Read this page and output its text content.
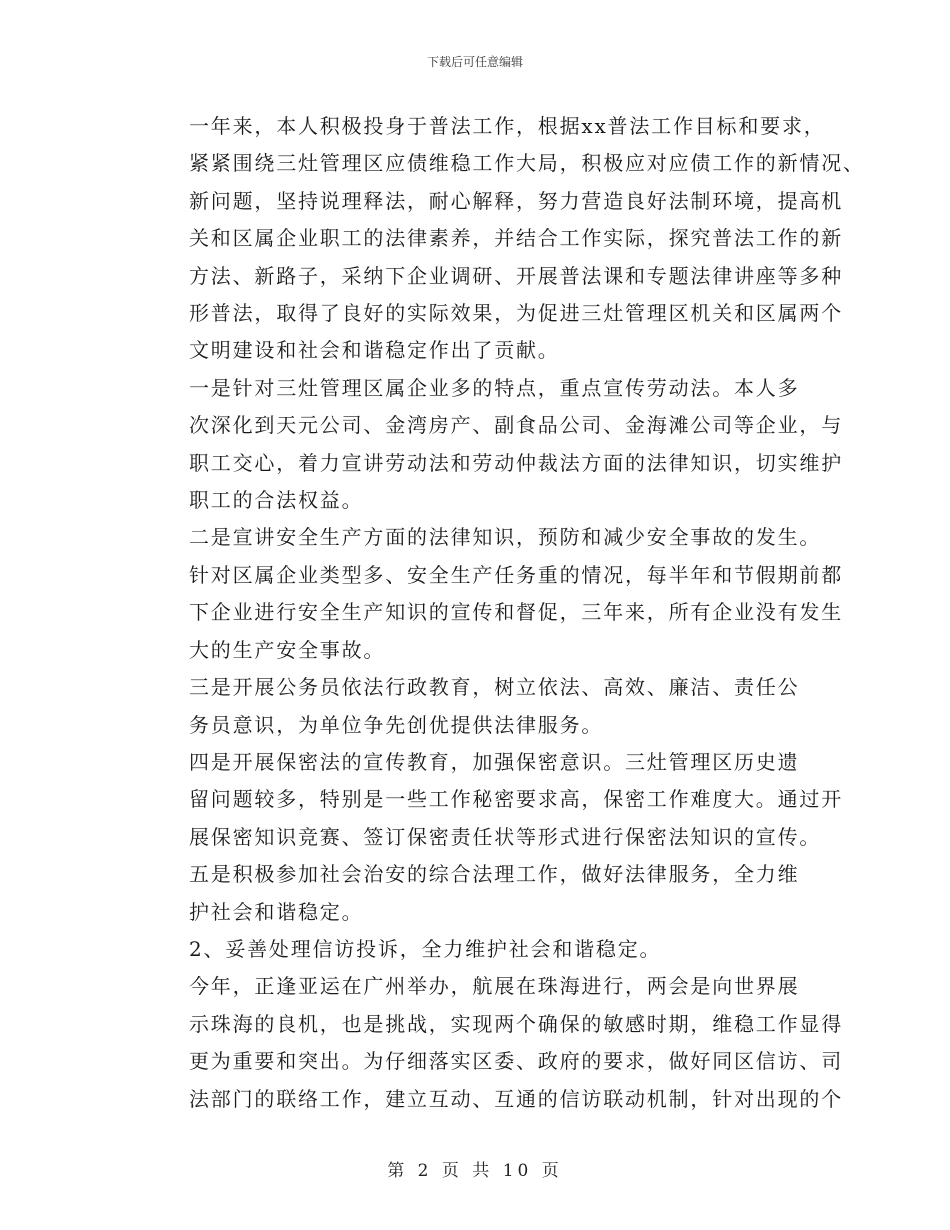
下载后可任意编辑

一年来，本人积极投身于普法工作，根据xx普法工作目标和要求，
紧紧围绕三灶管理区应债维稳工作大局，积极应对应债工作的新情况、
新问题，坚持说理释法，耐心解释，努力营造良好法制环境，提高机
关和区属企业职工的法律素养，并结合工作实际，探究普法工作的新
方法、新路子，采纳下企业调研、开展普法课和专题法律讲座等多种
形普法，取得了良好的实际效果，为促进三灶管理区机关和区属两个
文明建设和社会和谐稳定作出了贡献。

一是针对三灶管理区属企业多的特点，重点宣传劳动法。本人多
次深化到天元公司、金湾房产、副食品公司、金海滩公司等企业，与
职工交心，着力宣讲劳动法和劳动仲裁法方面的法律知识，切实维护
职工的合法权益。

二是宣讲安全生产方面的法律知识，预防和减少安全事故的发生。
针对区属企业类型多、安全生产任务重的情况，每半年和节假期前都
下企业进行安全生产知识的宣传和督促，三年来，所有企业没有发生
大的生产安全事故。

三是开展公务员依法行政教育，树立依法、高效、廉洁、责任公
务员意识，为单位争先创优提供法律服务。

四是开展保密法的宣传教育，加强保密意识。三灶管理区历史遗
留问题较多，特别是一些工作秘密要求高，保密工作难度大。通过开
展保密知识竞赛、签订保密责任状等形式进行保密法知识的宣传。

五是积极参加社会治安的综合法理工作，做好法律服务，全力维
护社会和谐稳定。

2、妥善处理信访投诉，全力维护社会和谐稳定。

今年，正逢亚运在广州举办，航展在珠海进行，两会是向世界展
示珠海的良机，也是挑战，实现两个确保的敏感时期，维稳工作显得
更为重要和突出。为仔细落实区委、政府的要求，做好同区信访、司
法部门的联络工作，建立互动、互通的信访联动机制，针对出现的个

第 2 页 共 10 页
